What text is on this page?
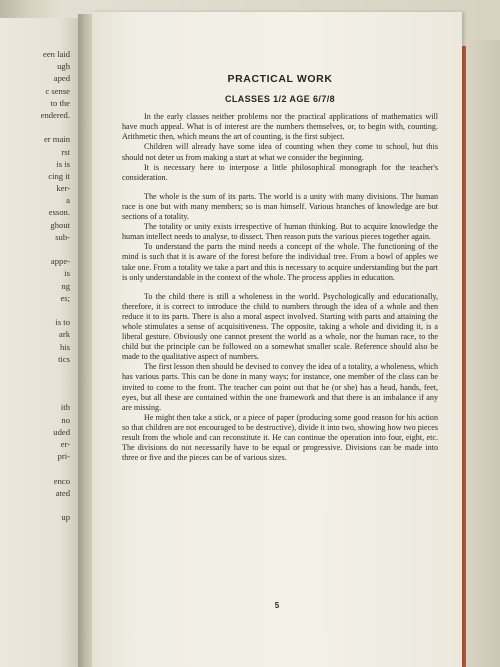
een laid
ugh
aped
c sense
to the
endered.
er main
rst
is is
cing it
ker-
a
esson.
ghout
sub-
appe-
is
ng
es;
is to
ark
his
tics
ith
no
uded
er-
pri-
enco
ated
up
PRACTICAL WORK
CLASSES 1/2 AGE 6/7/8

In the early classes neither problems nor the practical applications of mathematics will have much appeal. What is of interest are the numbers themselves, or, to begin with, counting. Arithmetic then, which means the art of counting, is the first subject.

Children will already have some idea of counting when they come to school, but this should not deter us from making a start at what we consider the beginning.

It is necessary here to interpose a little philosophical monograph for the teacher's consideration.

The whole is the sum of its parts. The world is a unity with many divisions. The human race is one but with many members; so is man himself. Various branches of knowledge are but sections of a totality.

The totality or unity exists irrespective of human thinking. But to acquire knowledge the human intellect needs to analyse, to dissect. Then reason puts the various pieces together again.

To understand the parts the mind needs a concept of the whole. The functioning of the mind is such that it is aware of the forest before the individual tree. From a bowl of apples we take one. From a totality we take a part and this is necessary to acquire understanding but the part is only understandable in the context of the whole. The process applies in education.

To the child there is still a wholeness in the world. Psychologically and educationally, therefore, it is correct to introduce the child to numbers through the idea of a whole and then reduce it to its parts. There is also a moral aspect involved. Starting with parts and attaining the whole stimulates a sense of acquisitiveness. The opposite, taking a whole and dividing it, is a liberal gesture. Obviously one cannot present the world as a whole, nor the human race, to the child but the principle can be followed on a somewhat smaller scale. Reference should also be made to the qualitative aspect of numbers.

The first lesson then should be devised to convey the idea of a totality, a wholeness, which has various parts. This can be done in many ways; for instance, one member of the class can be invited to come to the front. The teacher can point out that he (or she) has a head, hands, feet, eyes, but all these are contained within the one framework and that there is an imbalance if any are missing.

He might then take a stick, or a piece of paper (producing some good reason for his action so that children are not encouraged to be destructive), divide it into two, showing how two pieces result from the whole and can reconstitute it. He can continue the operation into four, eight, etc. The divisions do not necessarily have to be equal or progressive. Divisions can be made into three or five and the pieces can be of various sizes.

5
